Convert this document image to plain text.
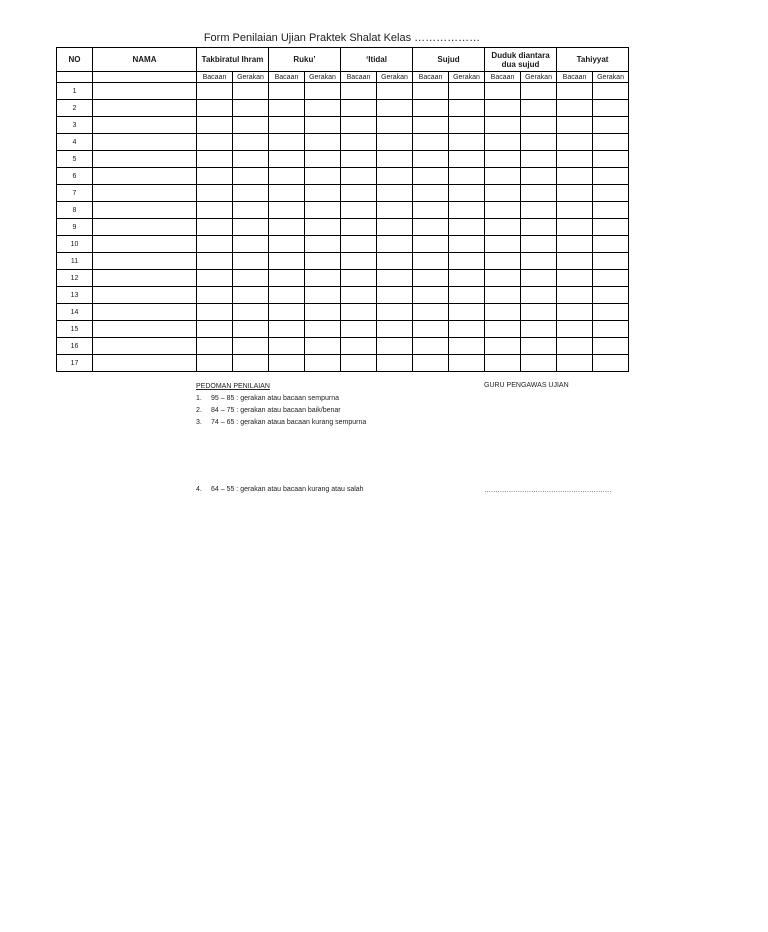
Form Penilaian Ujian Praktek Shalat Kelas ………………
NO	NAMA	Takbiratul Ihram		Ruku’		‘Itidal		Sujud		Duduk diantara dua sujud		Tahiyyat	
		Bacaan	Gerakan	Bacaan	Gerakan	Bacaan	Gerakan	Bacaan	Gerakan	Bacaan	Gerakan	Bacaan	Gerakan
1													
2													
3													
4													
5													
6													
7													
8													
9													
10													
11													
12													
13													
14													
15													
16													
17													
PEDOMAN PENILAIAN
1.	95 – 85 : gerakan atau bacaan sempurna
2.	84 – 75 : gerakan atau bacaan baik/benar
3.	74 – 65 : gerakan ataua bacaan kurang sempurna
4.	64 – 55 : gerakan atau bacaan kurang atau salah
GURU PENGAWAS UJIAN
…………………………………………………
